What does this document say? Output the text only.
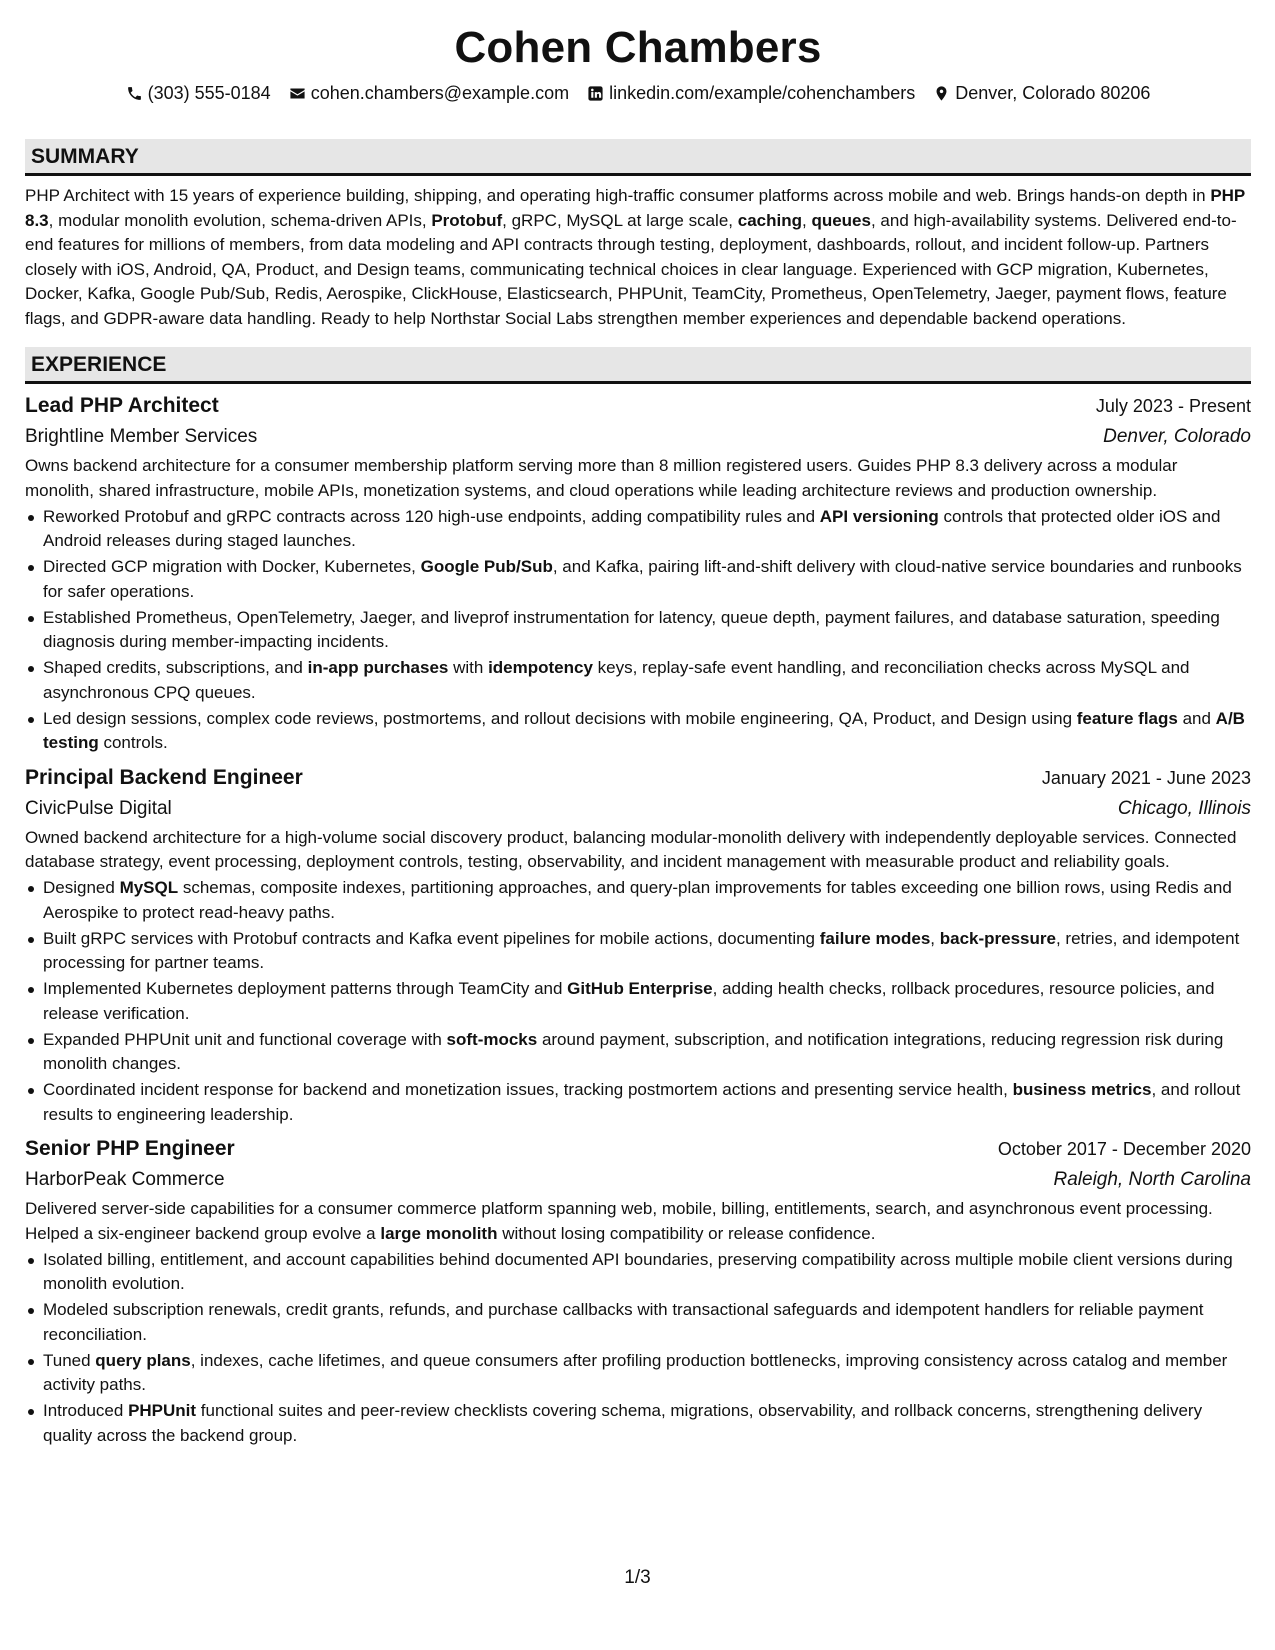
Cohen Chambers
(303) 555-0184 cohen.chambers@example.com linkedin.com/example/cohenchambers Denver, Colorado 80206
SUMMARY
PHP Architect with 15 years of experience building, shipping, and operating high-traffic consumer platforms across mobile and web. Brings hands-on depth in PHP 8.3, modular monolith evolution, schema-driven APIs, Protobuf, gRPC, MySQL at large scale, caching, queues, and high-availability systems. Delivered end-to-end features for millions of members, from data modeling and API contracts through testing, deployment, dashboards, rollout, and incident follow-up. Partners closely with iOS, Android, QA, Product, and Design teams, communicating technical choices in clear language. Experienced with GCP migration, Kubernetes, Docker, Kafka, Google Pub/Sub, Redis, Aerospike, ClickHouse, Elasticsearch, PHPUnit, TeamCity, Prometheus, OpenTelemetry, Jaeger, payment flows, feature flags, and GDPR-aware data handling. Ready to help Northstar Social Labs strengthen member experiences and dependable backend operations.
EXPERIENCE
Lead PHP Architect	July 2023 - Present
Brightline Member Services	Denver, Colorado
Owns backend architecture for a consumer membership platform serving more than 8 million registered users. Guides PHP 8.3 delivery across a modular monolith, shared infrastructure, mobile APIs, monetization systems, and cloud operations while leading architecture reviews and production ownership.
Reworked Protobuf and gRPC contracts across 120 high-use endpoints, adding compatibility rules and API versioning controls that protected older iOS and Android releases during staged launches.
Directed GCP migration with Docker, Kubernetes, Google Pub/Sub, and Kafka, pairing lift-and-shift delivery with cloud-native service boundaries and runbooks for safer operations.
Established Prometheus, OpenTelemetry, Jaeger, and liveprof instrumentation for latency, queue depth, payment failures, and database saturation, speeding diagnosis during member-impacting incidents.
Shaped credits, subscriptions, and in-app purchases with idempotency keys, replay-safe event handling, and reconciliation checks across MySQL and asynchronous CPQ queues.
Led design sessions, complex code reviews, postmortems, and rollout decisions with mobile engineering, QA, Product, and Design using feature flags and A/B testing controls.
Principal Backend Engineer	January 2021 - June 2023
CivicPulse Digital	Chicago, Illinois
Owned backend architecture for a high-volume social discovery product, balancing modular-monolith delivery with independently deployable services. Connected database strategy, event processing, deployment controls, testing, observability, and incident management with measurable product and reliability goals.
Designed MySQL schemas, composite indexes, partitioning approaches, and query-plan improvements for tables exceeding one billion rows, using Redis and Aerospike to protect read-heavy paths.
Built gRPC services with Protobuf contracts and Kafka event pipelines for mobile actions, documenting failure modes, back-pressure, retries, and idempotent processing for partner teams.
Implemented Kubernetes deployment patterns through TeamCity and GitHub Enterprise, adding health checks, rollback procedures, resource policies, and release verification.
Expanded PHPUnit unit and functional coverage with soft-mocks around payment, subscription, and notification integrations, reducing regression risk during monolith changes.
Coordinated incident response for backend and monetization issues, tracking postmortem actions and presenting service health, business metrics, and rollout results to engineering leadership.
Senior PHP Engineer	October 2017 - December 2020
HarborPeak Commerce	Raleigh, North Carolina
Delivered server-side capabilities for a consumer commerce platform spanning web, mobile, billing, entitlements, search, and asynchronous event processing. Helped a six-engineer backend group evolve a large monolith without losing compatibility or release confidence.
Isolated billing, entitlement, and account capabilities behind documented API boundaries, preserving compatibility across multiple mobile client versions during monolith evolution.
Modeled subscription renewals, credit grants, refunds, and purchase callbacks with transactional safeguards and idempotent handlers for reliable payment reconciliation.
Tuned query plans, indexes, cache lifetimes, and queue consumers after profiling production bottlenecks, improving consistency across catalog and member activity paths.
Introduced PHPUnit functional suites and peer-review checklists covering schema, migrations, observability, and rollback concerns, strengthening delivery quality across the backend group.
1/3
